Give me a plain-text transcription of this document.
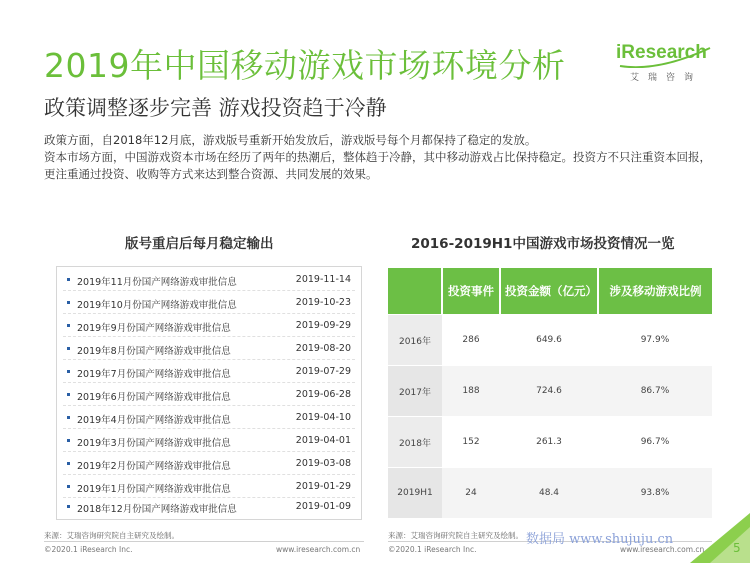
2019年中国移动游戏市场环境分析	iResearch
艾瑞咨询
政策调整逐步完善 游戏投资趋于冷静

政策方面，自2018年12月底，游戏版号重新开始发放后，游戏版号每个月都保持了稳定的发放。

资本市场方面，中国游戏资本市场在经历了两年的热潮后，整体趋于冷静，其中移动游戏占比保持稳定。投资方不只注重资本回报，更注重通过投资、收购等方式来达到整合资源、共同发展的效果。

版号重启后每月稳定输出	2016-2019H1中国游戏市场投资情况一览
2019年11月份国产网络游戏审批信息	2019-11-14
2019年10月份国产网络游戏审批信息	2019-10-23
2019年9月份国产网络游戏审批信息	2019-09-29
2019年8月份国产网络游戏审批信息	2019-08-20
2019年7月份国产网络游戏审批信息	2019-07-29
2019年6月份国产网络游戏审批信息	2019-06-28
2019年4月份国产网络游戏审批信息	2019-04-10
2019年3月份国产网络游戏审批信息	2019-04-01
2019年2月份国产网络游戏审批信息	2019-03-08
2019年1月份国产网络游戏审批信息	2019-01-29
2018年12月份国产网络游戏审批信息	2019-01-09
	投资事件	投资金额（亿元）	涉及移动游戏比例
2016年	286	649.6	97.9%
2017年	188	724.6	86.7%
2018年	152	261.3	96.7%
2019H1	24	48.4	93.8%
来源：艾瑞咨询研究院自主研究及绘制。	来源：艾瑞咨询研究院自主研究及绘制。
©2020.1 iResearch Inc.	www.iresearch.com.cn	©2020.1 iResearch Inc.	www.iresearch.com.cn
数据局 www.shujuju.cn
5
